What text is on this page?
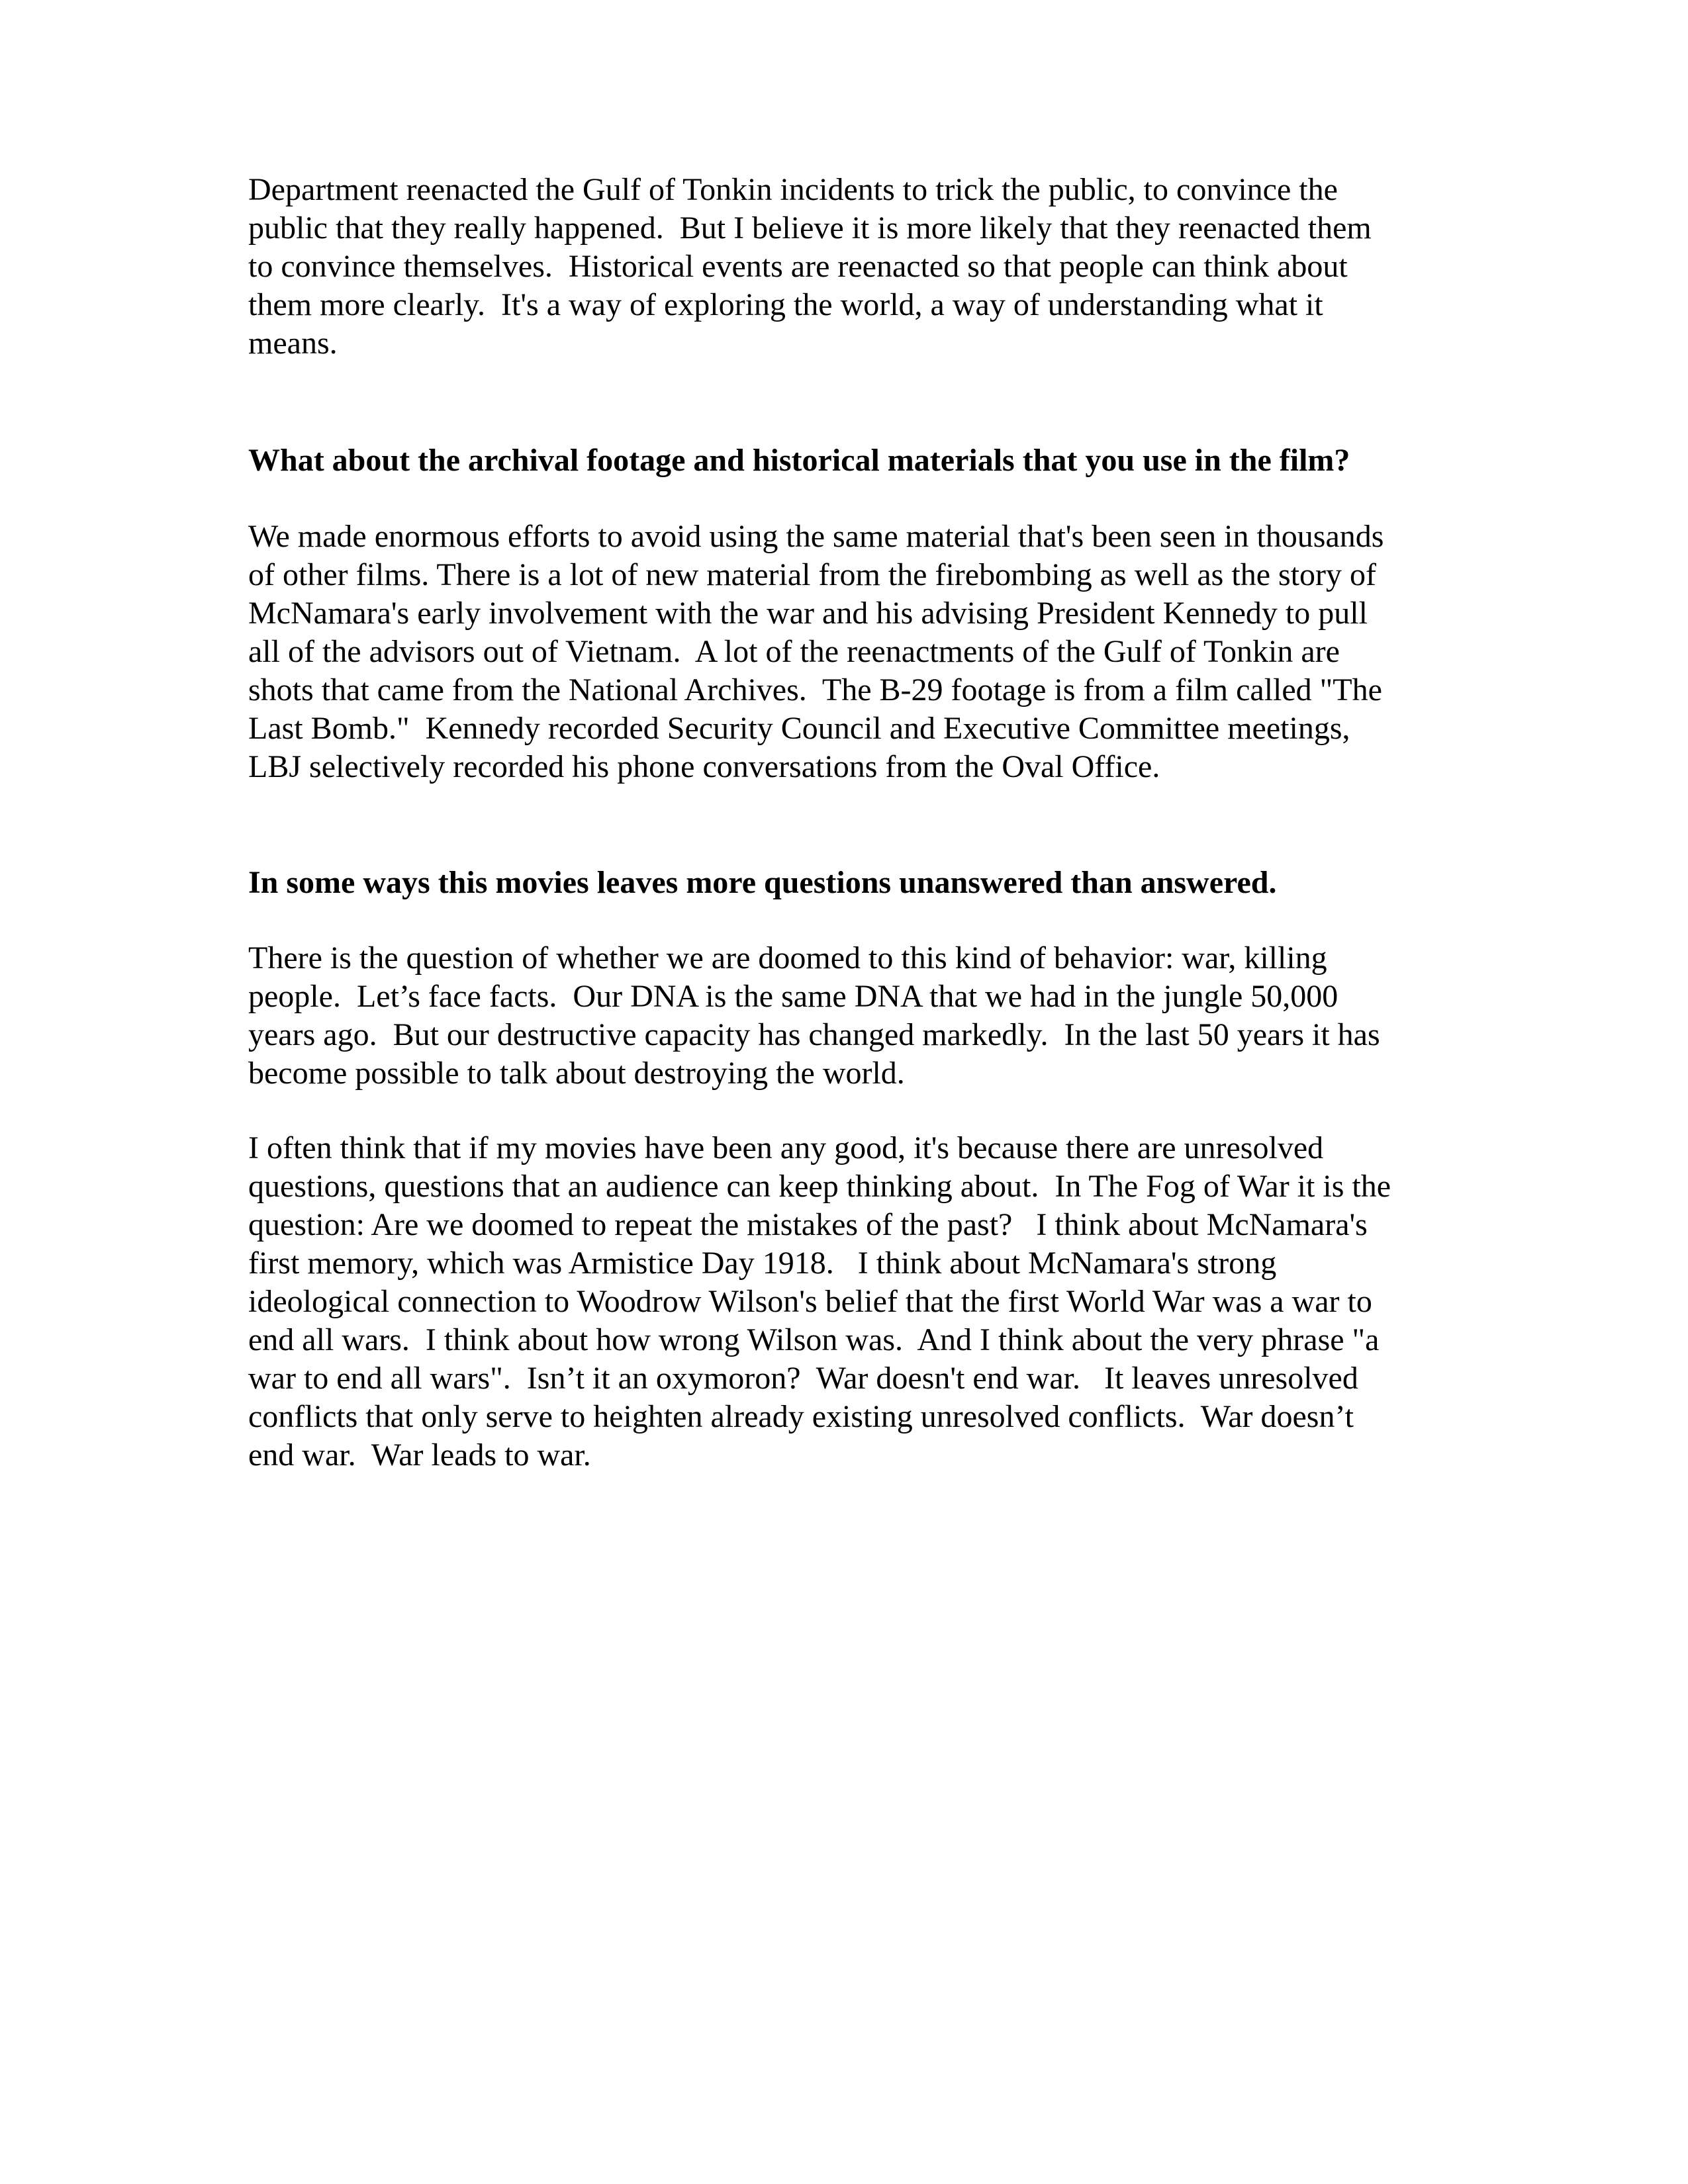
Department reenacted the Gulf of Tonkin incidents to trick the public, to convince the
public that they really happened.  But I believe it is more likely that they reenacted them
to convince themselves.  Historical events are reenacted so that people can think about
them more clearly.  It's a way of exploring the world, a way of understanding what it
means.

What about the archival footage and historical materials that you use in the film?

We made enormous efforts to avoid using the same material that's been seen in thousands
of other films. There is a lot of new material from the firebombing as well as the story of
McNamara's early involvement with the war and his advising President Kennedy to pull
all of the advisors out of Vietnam.  A lot of the reenactments of the Gulf of Tonkin are
shots that came from the National Archives.  The B-29 footage is from a film called "The
Last Bomb."  Kennedy recorded Security Council and Executive Committee meetings,
LBJ selectively recorded his phone conversations from the Oval Office.

In some ways this movies leaves more questions unanswered than answered.

There is the question of whether we are doomed to this kind of behavior: war, killing
people.  Let’s face facts.  Our DNA is the same DNA that we had in the jungle 50,000
years ago.  But our destructive capacity has changed markedly.  In the last 50 years it has
become possible to talk about destroying the world.

I often think that if my movies have been any good, it's because there are unresolved
questions, questions that an audience can keep thinking about.  In The Fog of War it is the
question: Are we doomed to repeat the mistakes of the past?   I think about McNamara's
first memory, which was Armistice Day 1918.   I think about McNamara's strong
ideological connection to Woodrow Wilson's belief that the first World War was a war to
end all wars.  I think about how wrong Wilson was.  And I think about the very phrase "a
war to end all wars".  Isn’t it an oxymoron?  War doesn't end war.   It leaves unresolved
conflicts that only serve to heighten already existing unresolved conflicts.  War doesn’t
end war.  War leads to war.
